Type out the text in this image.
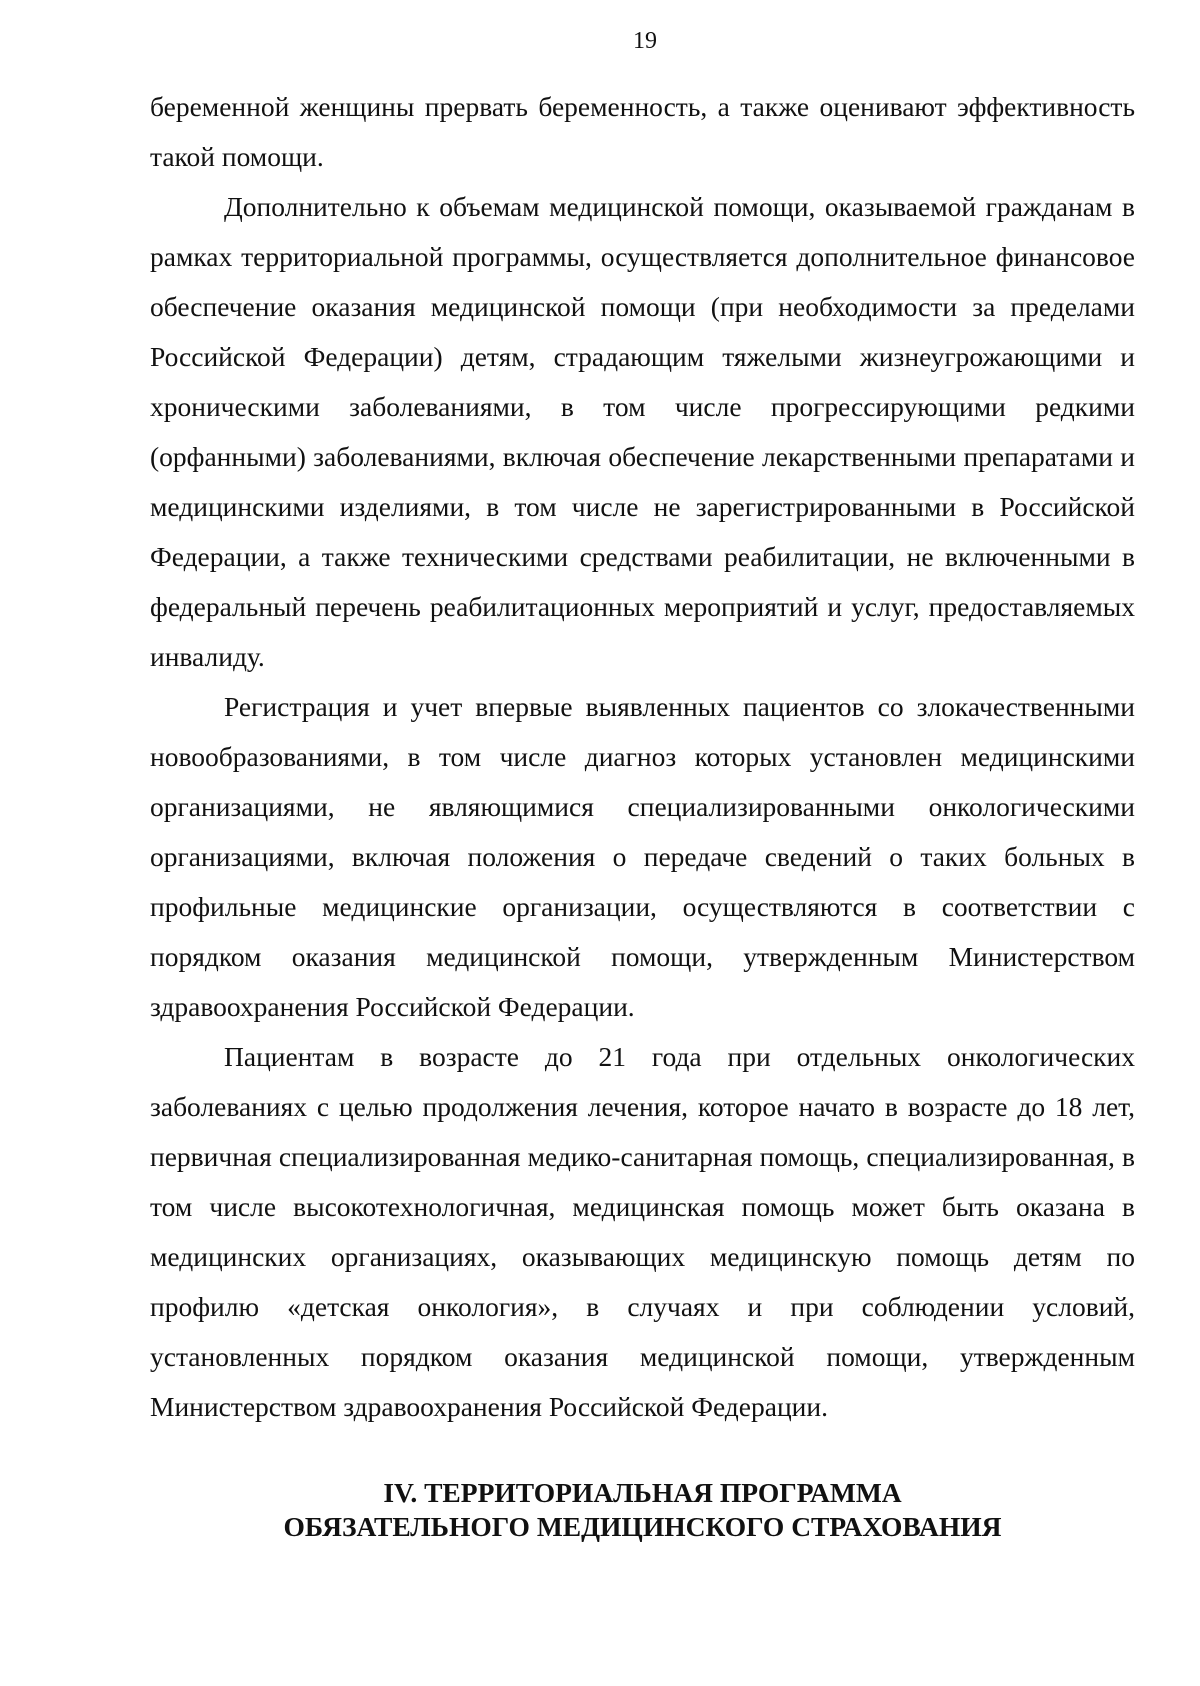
19

беременной женщины прервать беременность, а также оценивают эффективность такой помощи.

Дополнительно к объемам медицинской помощи, оказываемой гражданам в рамках территориальной программы, осуществляется дополнительное финансовое обеспечение оказания медицинской помощи (при необходимости за пределами Российской Федерации) детям, страдающим тяжелыми жизнеугрожающими и хроническими заболеваниями, в том числе прогрессирующими редкими (орфанными) заболеваниями, включая обеспечение лекарственными препаратами и медицинскими изделиями, в том числе не зарегистрированными в Российской Федерации, а также техническими средствами реабилитации, не включенными в федеральный перечень реабилитационных мероприятий и услуг, предоставляемых инвалиду.

Регистрация и учет впервые выявленных пациентов со злокачественными новообразованиями, в том числе диагноз которых установлен медицинскими организациями, не являющимися специализированными онкологическими организациями, включая положения о передаче сведений о таких больных в профильные медицинские организации, осуществляются в соответствии с порядком оказания медицинской помощи, утвержденным Министерством здравоохранения Российской Федерации.

Пациентам в возрасте до 21 года при отдельных онкологических заболеваниях с целью продолжения лечения, которое начато в возрасте до 18 лет, первичная специализированная медико-санитарная помощь, специализированная, в том числе высокотехнологичная, медицинская помощь может быть оказана в медицинских организациях, оказывающих медицинскую помощь детям по профилю «детская онкология», в случаях и при соблюдении условий, установленных порядком оказания медицинской помощи, утвержденным Министерством здравоохранения Российской Федерации.

IV. ТЕРРИТОРИАЛЬНАЯ ПРОГРАММА
ОБЯЗАТЕЛЬНОГО МЕДИЦИНСКОГО СТРАХОВАНИЯ
